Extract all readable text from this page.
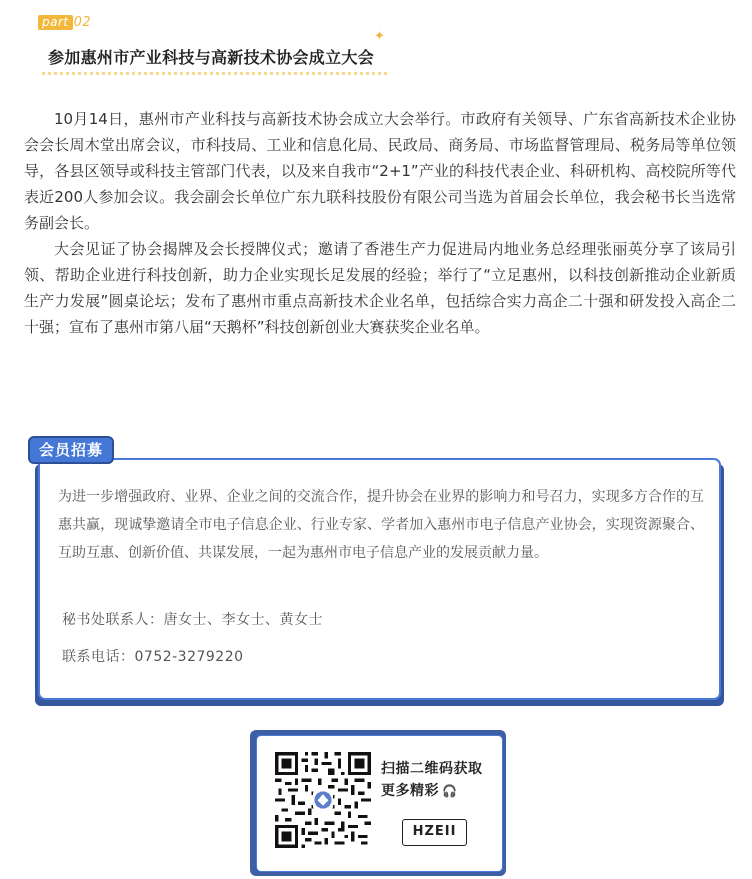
part 02
参加惠州市产业科技与高新技术协会成立大会
✦

10月14日，惠州市产业科技与高新技术协会成立大会举行。市政府有关领导、广东省高新技术企业协会会长周木堂出席会议，市科技局、工业和信息化局、民政局、商务局、市场监督管理局、税务局等单位领导，各县区领导或科技主管部门代表，以及来自我市“2+1”产业的科技代表企业、科研机构、高校院所等代表近200人参加会议。我会副会长单位广东九联科技股份有限公司当选为首届会长单位，我会秘书长当选常务副会长。

大会见证了协会揭牌及会长授牌仪式；邀请了香港生产力促进局内地业务总经理张丽英分享了该局引领、帮助企业进行科技创新，助力企业实现长足发展的经验；举行了“立足惠州，以科技创新推动企业新质生产力发展”圆桌论坛；发布了惠州市重点高新技术企业名单，包括综合实力高企二十强和研发投入高企二十强；宣布了惠州市第八届“天鹅杯”科技创新创业大赛获奖企业名单。

会员招募

为进一步增强政府、业界、企业之间的交流合作，提升协会在业界的影响力和号召力，实现多方合作的互惠共赢，现诚挚邀请全市电子信息企业、行业专家、学者加入惠州市电子信息产业协会，实现资源聚合、互助互惠、创新价值、共谋发展，一起为惠州市电子信息产业的发展贡献力量。

秘书处联系人：唐女士、李女士、黄女士
联系电话：0752-3279220
扫描二维码获取
更多精彩 🎧
HZEII
